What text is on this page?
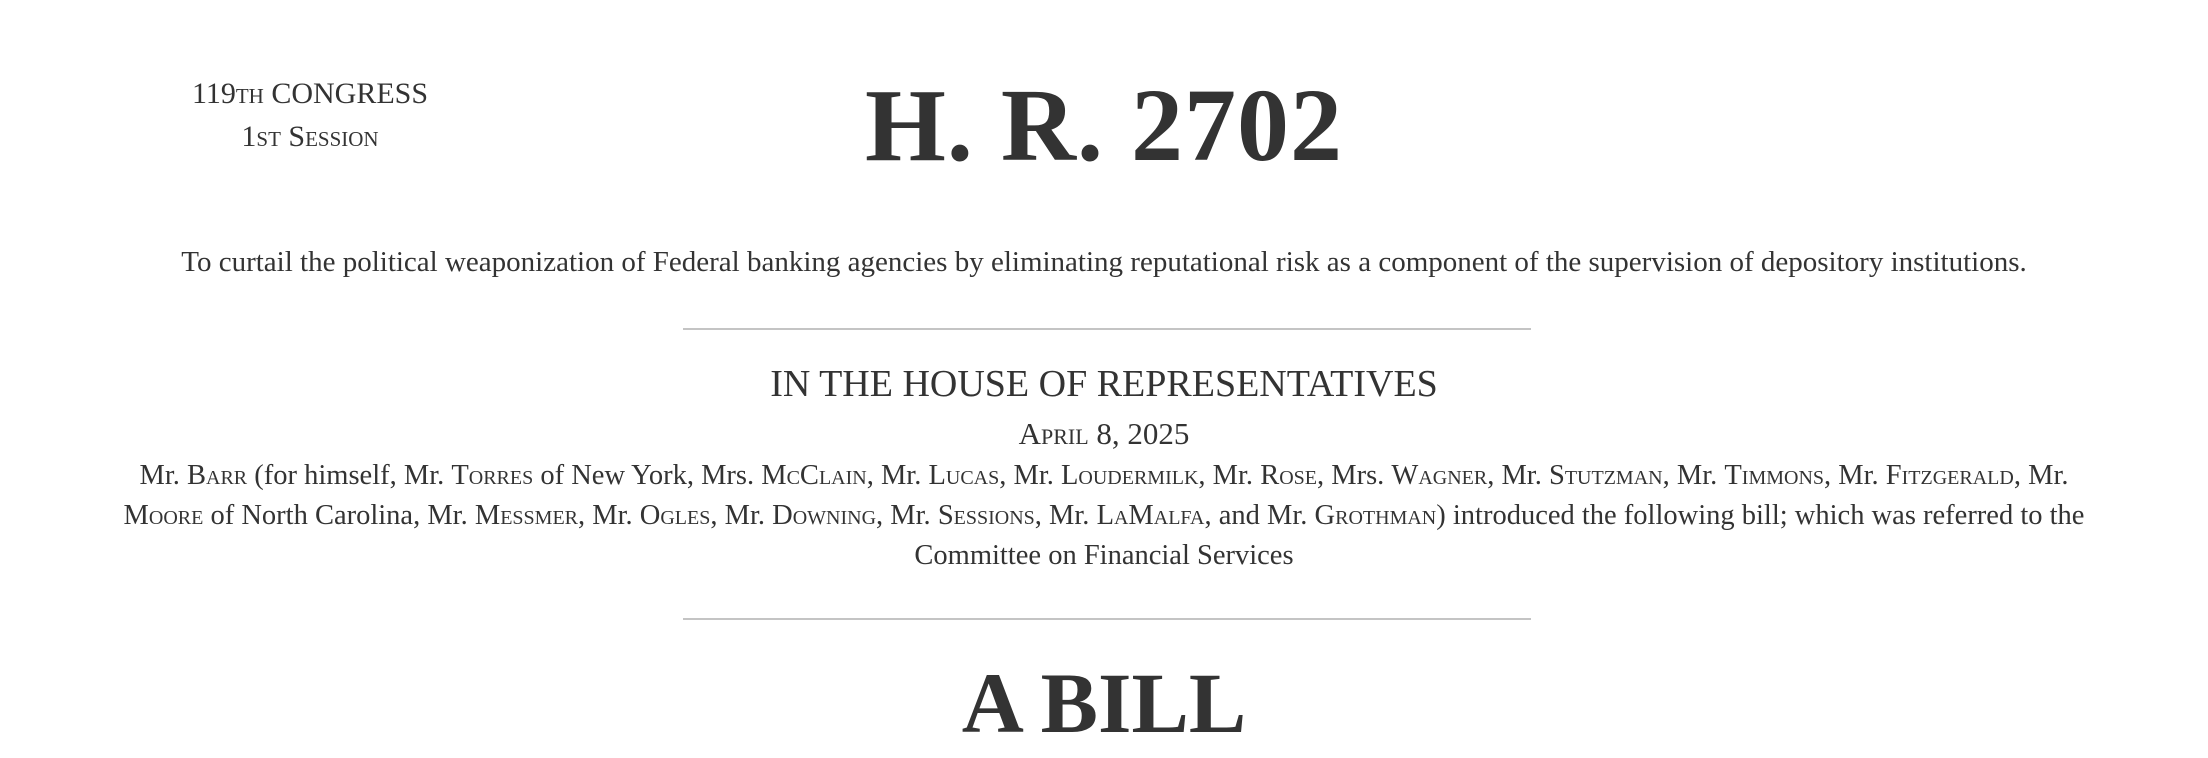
119th CONGRESS
1st Session	H. R. 2702
To curtail the political weaponization of Federal banking agencies by eliminating reputational risk as a component of the supervision of depository institutions.
IN THE HOUSE OF REPRESENTATIVES
April 8, 2025
Mr. Barr (for himself, Mr. Torres of New York, Mrs. McClain, Mr. Lucas, Mr. Loudermilk, Mr. Rose, Mrs. Wagner, Mr. Stutzman, Mr. Timmons, Mr. Fitzgerald, Mr.
Moore of North Carolina, Mr. Messmer, Mr. Ogles, Mr. Downing, Mr. Sessions, Mr. LaMalfa, and Mr. Grothman) introduced the following bill; which was referred to the
Committee on Financial Services
A BILL
